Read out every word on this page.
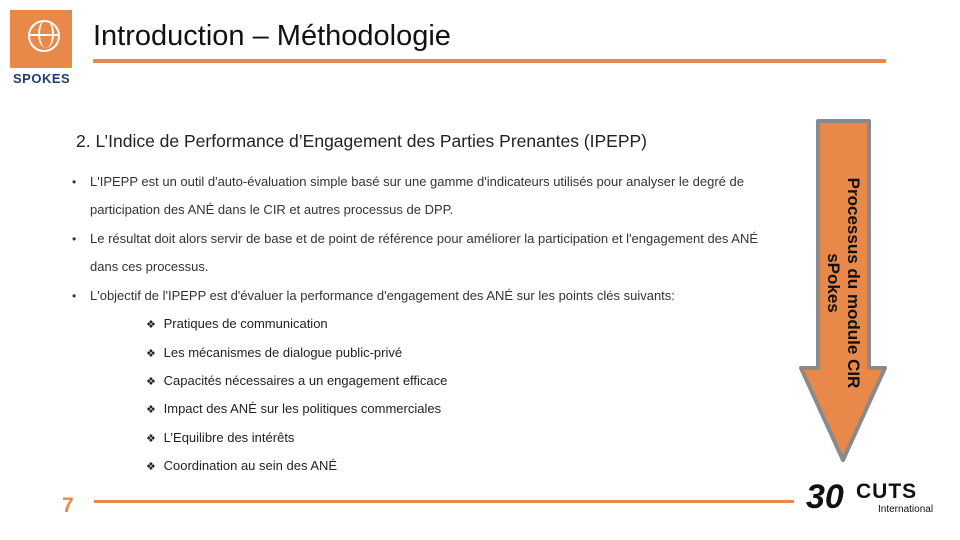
SPOKES
Introduction – Méthodologie
2. L’Indice de Performance d’Engagement des Parties Prenantes (IPEPP)
•	L'IPEPP est un outil d'auto-évaluation simple basé sur une gamme d'indicateurs utilisés pour analyser le degré de participation des ANÉ dans le CIR et autres processus de DPP.
•	Le résultat doit alors servir de base et de point de référence pour améliorer la participation et l'engagement des ANÉ dans ces processus.
•	L'objectif de l'IPEPP est d'évaluer la performance d'engagement des ANÉ sur les points clés suivants:
❖ Pratiques de communication
❖ Les mécanismes de dialogue public-privé
❖ Capacités nécessaires a un engagement efficace
❖ Impact des ANÉ sur les politiques commerciales
❖ L’Equilibre des intérêts
❖ Coordination au sein des ANÉ
Processus du module CIR
sPokes
7	30 CUTS
International
